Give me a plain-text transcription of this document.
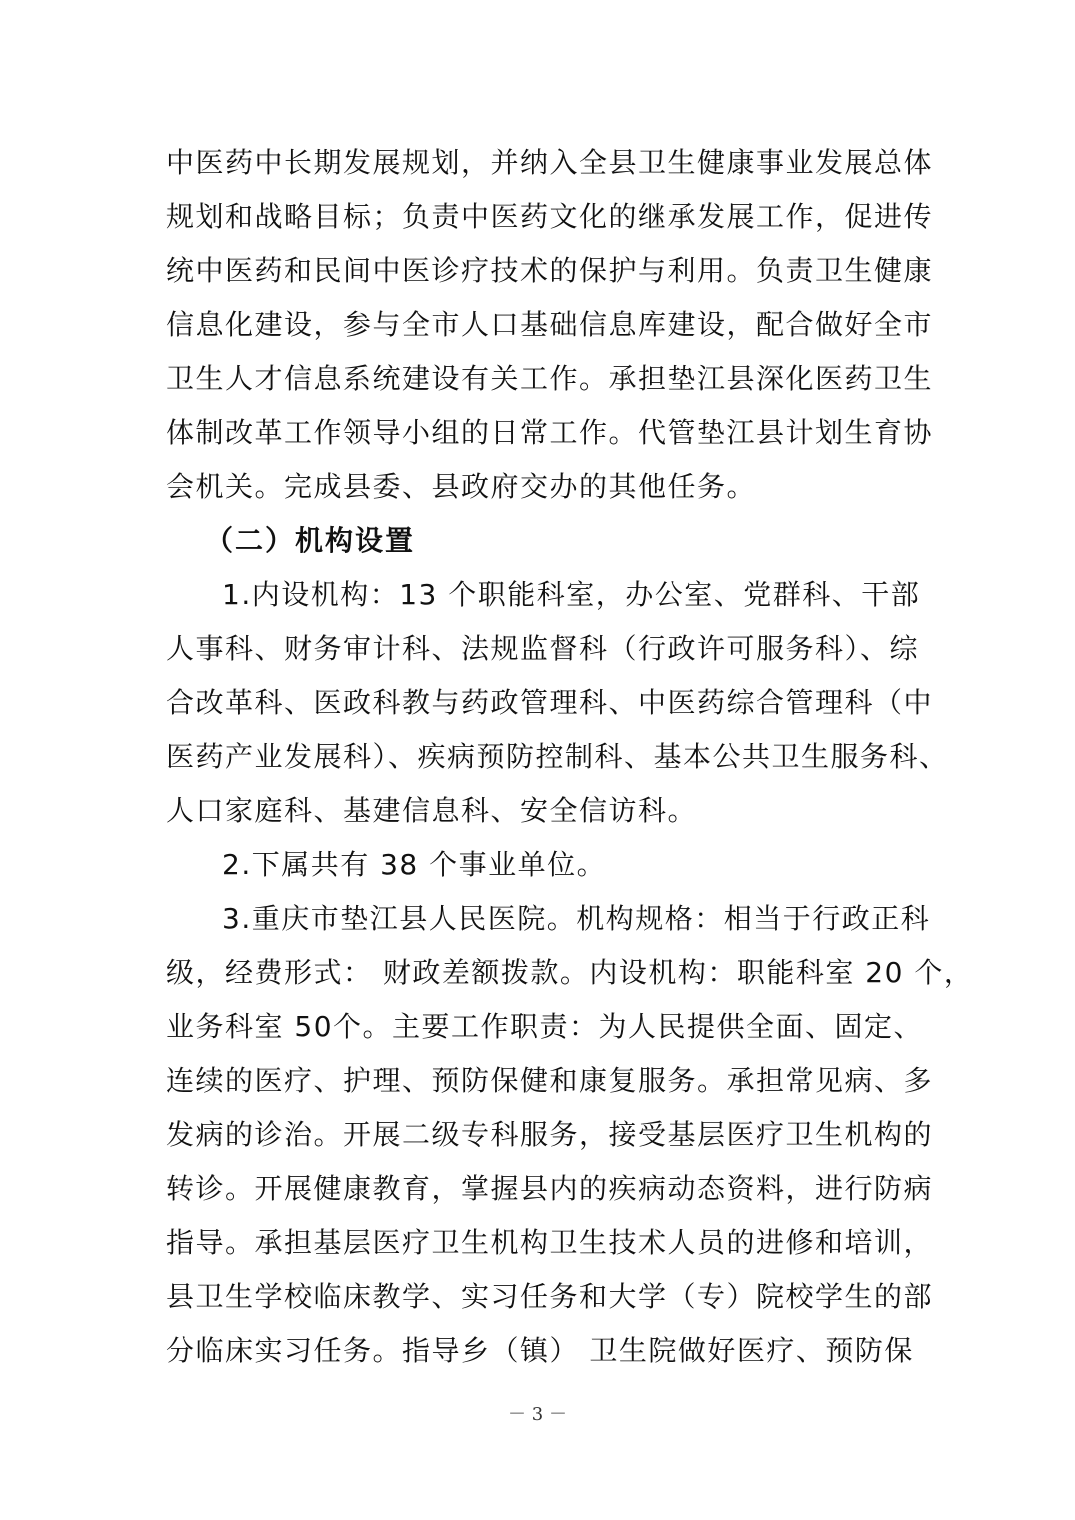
中医药中长期发展规划，并纳入全县卫生健康事业发展总体
规划和战略目标；负责中医药文化的继承发展工作，促进传
统中医药和民间中医诊疗技术的保护与利用。负责卫生健康
信息化建设，参与全市人口基础信息库建设，配合做好全市
卫生人才信息系统建设有关工作。承担垫江县深化医药卫生
体制改革工作领导小组的日常工作。代管垫江县计划生育协
会机关。完成县委、县政府交办的其他任务。
（二）机构设置
1.内设机构：13 个职能科室，办公室、党群科、干部
人事科、财务审计科、法规监督科（行政许可服务科）、综
合改革科、医政科教与药政管理科、中医药综合管理科（中
医药产业发展科）、疾病预防控制科、基本公共卫生服务科、
人口家庭科、基建信息科、安全信访科。
2.下属共有 38 个事业单位。
3.重庆市垫江县人民医院。机构规格：相当于行政正科
级，经费形式： 财政差额拨款。内设机构：职能科室 20 个，
业务科室 50个。主要工作职责：为人民提供全面、固定、
连续的医疗、护理、预防保健和康复服务。承担常见病、多
发病的诊治。开展二级专科服务，接受基层医疗卫生机构的
转诊。开展健康教育，掌握县内的疾病动态资料，进行防病
指导。承担基层医疗卫生机构卫生技术人员的进修和培训，
县卫生学校临床教学、实习任务和大学（专）院校学生的部
分临床实习任务。指导乡（镇） 卫生院做好医疗、预防保
－ 3 －
